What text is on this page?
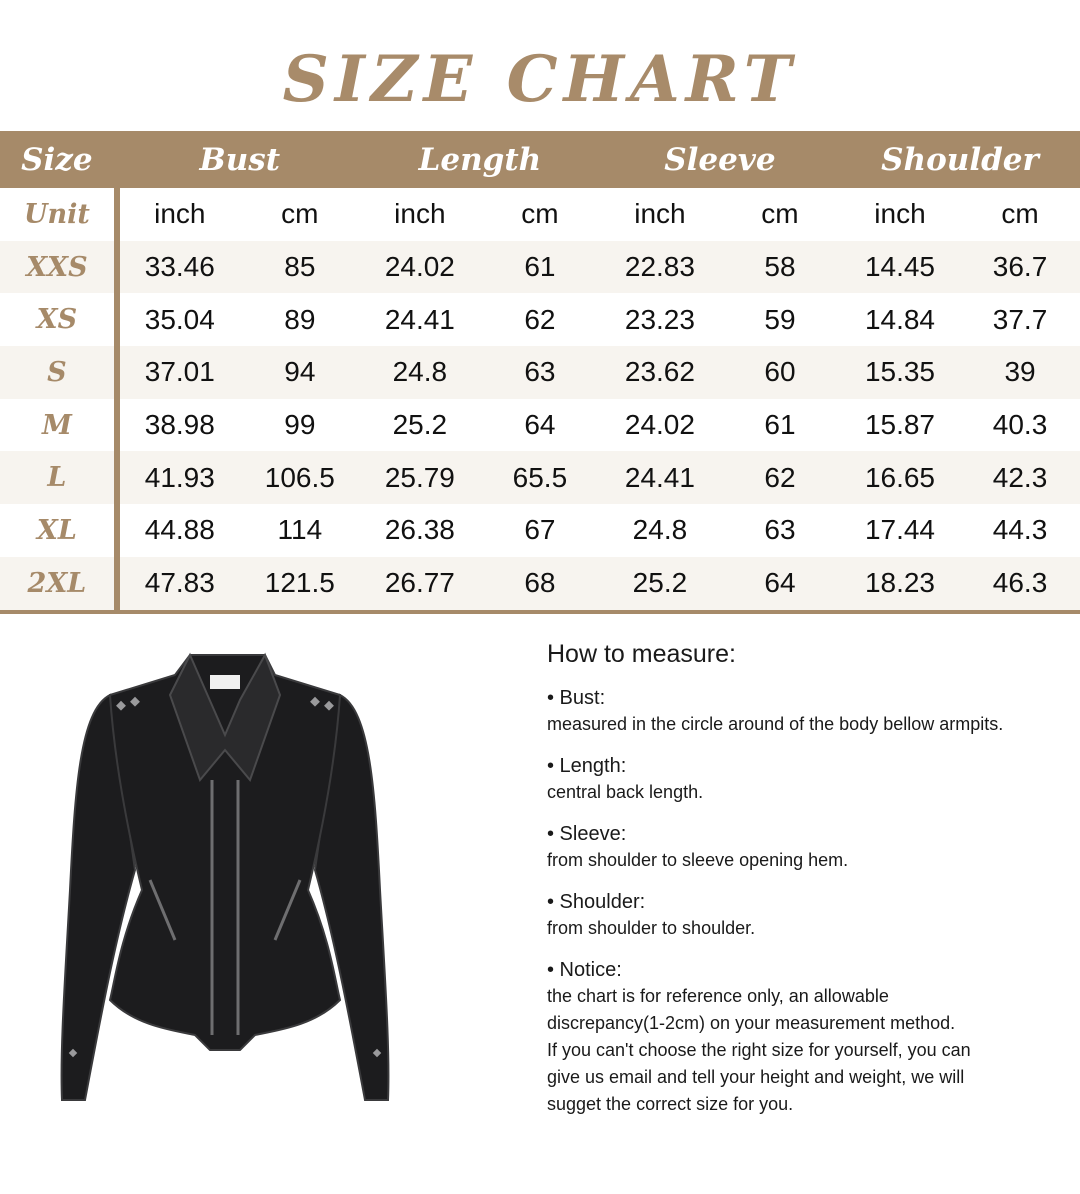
SIZE CHART
Size	Bust	Length	Sleeve	Shoulder
Unit	inch	cm	inch	cm	inch	cm	inch	cm
XXS	33.46	85	24.02	61	22.83	58	14.45	36.7
XS	35.04	89	24.41	62	23.23	59	14.84	37.7
S	37.01	94	24.8	63	23.62	60	15.35	39
M	38.98	99	25.2	64	24.02	61	15.87	40.3
L	41.93	106.5	25.79	65.5	24.41	62	16.65	42.3
XL	44.88	114	26.38	67	24.8	63	17.44	44.3
2XL	47.83	121.5	26.77	68	25.2	64	18.23	46.3
How to measure:
• Bust:
measured in the circle around of the body bellow armpits.
• Length:
central back length.
• Sleeve:
from shoulder to sleeve opening hem.
• Shoulder:
from shoulder to shoulder.
• Notice:
the chart is for reference only, an allowable
discrepancy(1-2cm) on your measurement method.
If you can't choose the right size for yourself, you can
give us email and tell your height and weight, we will
sugget the correct size for you.
